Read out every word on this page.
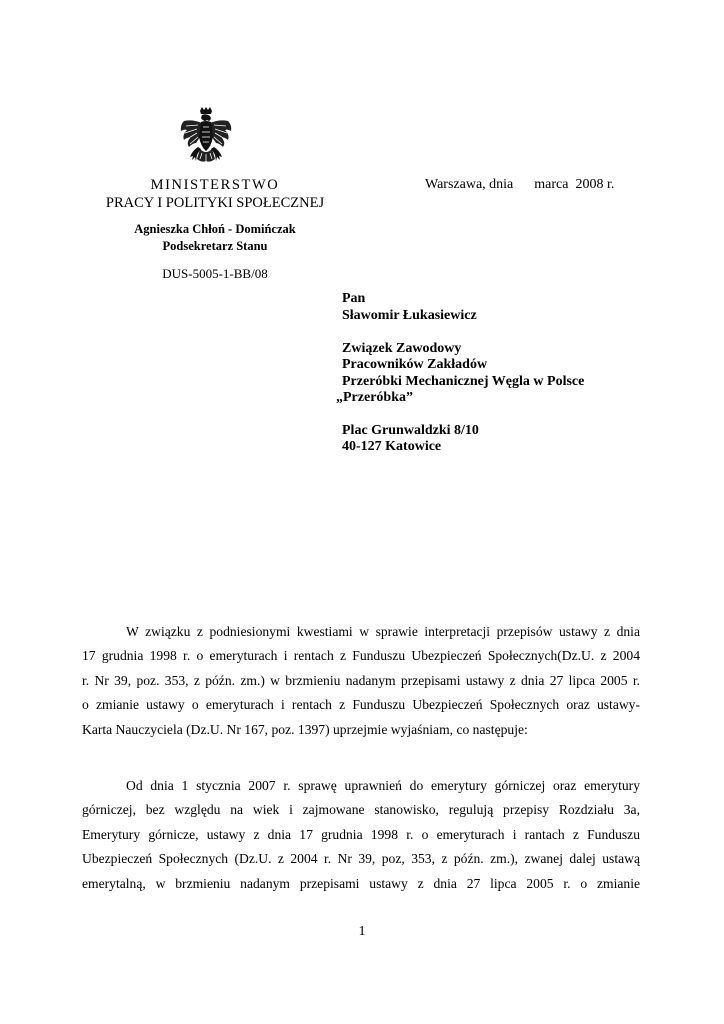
MINISTERSTWO
PRACY I POLITYKI SPOŁECZNEJ
Agnieszka Chłoń - Domińczak
Podsekretarz Stanu
DUS-5005-1-BB/08
Warszawa, dnia      marca  2008 r.
Pan
Sławomir Łukasiewicz
Związek Zawodowy
Pracowników Zakładów
Przeróbki Mechanicznej Węgla w Polsce
„Przeróbka”
Plac Grunwaldzki 8/10
40-127 Katowice
W związku z podniesionymi kwestiami w sprawie interpretacji przepisów ustawy z dnia
17 grudnia 1998 r. o emeryturach i rentach z Funduszu Ubezpieczeń Społecznych(Dz.U. z 2004
r. Nr 39, poz. 353, z późn. zm.) w brzmieniu nadanym przepisami ustawy z dnia 27 lipca 2005 r.
o zmianie ustawy o emeryturach i rentach z Funduszu Ubezpieczeń Społecznych oraz ustawy-
Karta Nauczyciela (Dz.U. Nr 167, poz. 1397) uprzejmie wyjaśniam, co następuje:
Od dnia 1 stycznia 2007 r. sprawę uprawnień do emerytury górniczej oraz emerytury
górniczej, bez względu na wiek i zajmowane stanowisko, regulują przepisy Rozdziału 3a,
Emerytury górnicze, ustawy z dnia 17 grudnia 1998 r. o emeryturach i rantach z Funduszu
Ubezpieczeń Społecznych (Dz.U. z 2004 r. Nr 39, poz, 353, z późn. zm.), zwanej dalej ustawą
emerytalną, w brzmieniu nadanym przepisami ustawy z dnia 27 lipca 2005 r. o zmianie
1
